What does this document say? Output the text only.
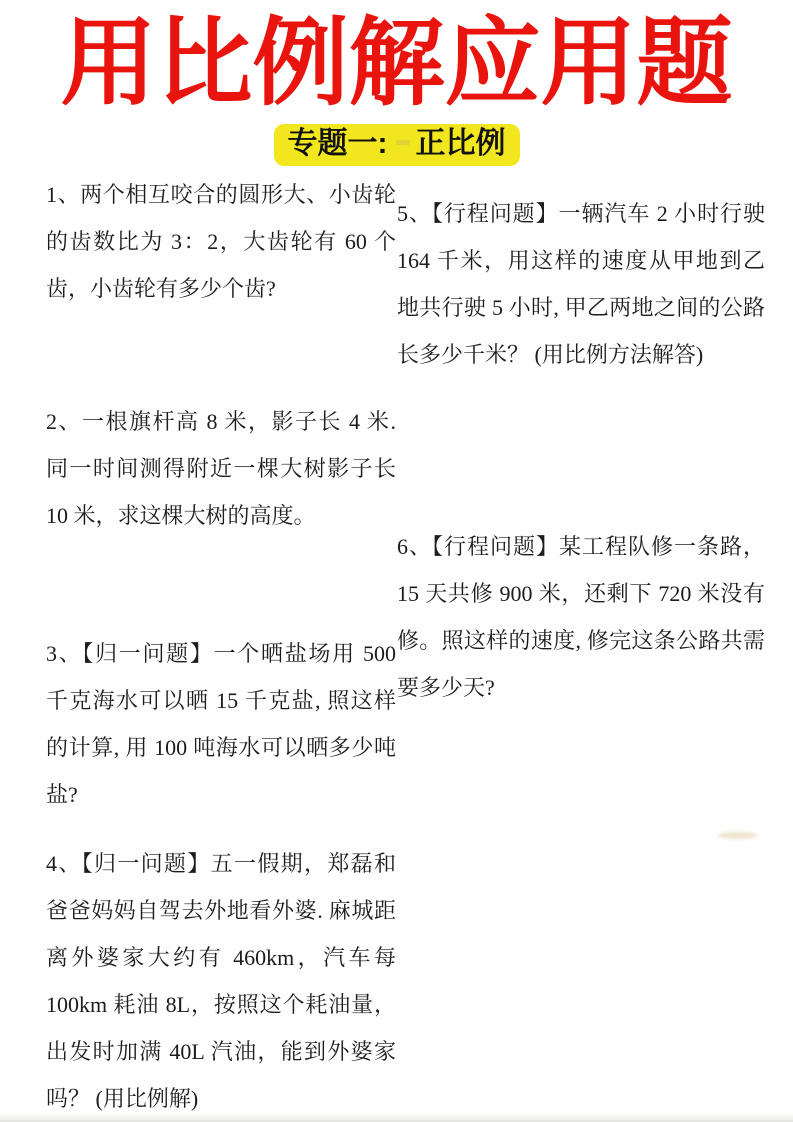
用比例解应用题
专题一: 正比例
1、两个相互咬合的圆形大、小齿轮的齿数比为 3：2，大齿轮有 60 个齿，小齿轮有多少个齿?
2、一根旗杆高 8 米，影子长 4 米. 同一时间测得附近一棵大树影子长 10 米，求这棵大树的高度。
3、【归一问题】一个晒盐场用 500 千克海水可以晒 15 千克盐, 照这样的计算, 用 100 吨海水可以晒多少吨盐?
4、【归一问题】五一假期，郑磊和爸爸妈妈自驾去外地看外婆. 麻城距离外婆家大约有 460km，汽车每 100km 耗油 8L，按照这个耗油量，出发时加满 40L 汽油，能到外婆家吗？ (用比例解)
5、【行程问题】一辆汽车 2 小时行驶 164 千米，用这样的速度从甲地到乙地共行驶 5 小时, 甲乙两地之间的公路长多少千米？ (用比例方法解答)
6、【行程问题】某工程队修一条路，15 天共修 900 米，还剩下 720 米没有修。照这样的速度, 修完这条公路共需要多少天?
